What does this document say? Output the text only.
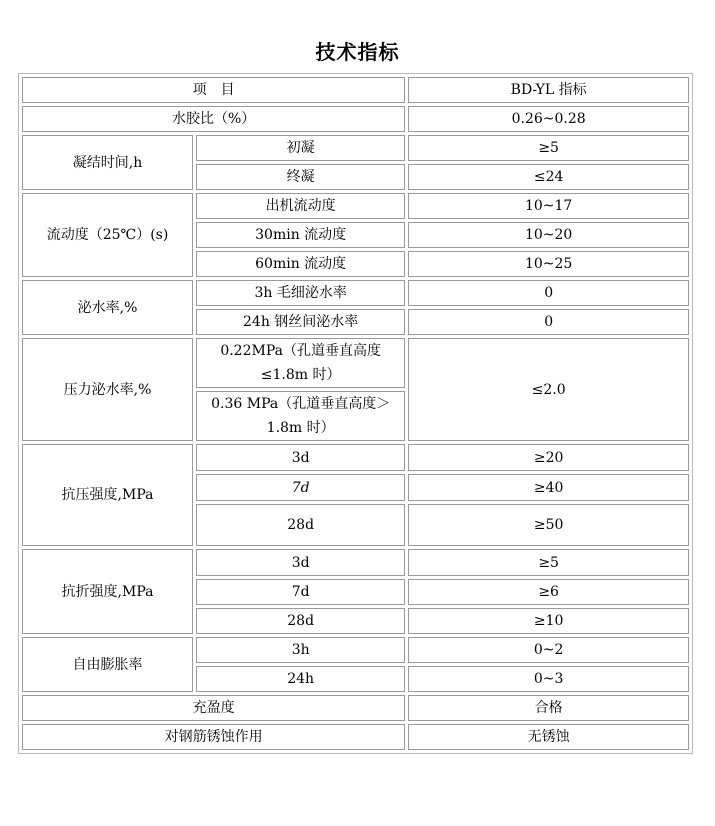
技术指标
项　目		BD-YL 指标
水胶比（%）		0.26~0.28
凝结时间,h	初凝	≥5
	终凝	≤24
流动度（25℃）(s)	出机流动度	10~17
	30min 流动度	10~20
	60min 流动度	10~25
泌水率,%	3h 毛细泌水率	0
	24h 钢丝间泌水率	0
压力泌水率,%	0.22MPa（孔道垂直高度≤1.8m 时）	≤2.0
	0.36 MPa（孔道垂直高度＞1.8m 时）	
抗压强度,MPa	3d	≥20
	7d	≥40
	28d	≥50
抗折强度,MPa	3d	≥5
	7d	≥6
	28d	≥10
自由膨胀率	3h	0~2
	24h	0~3
充盈度		合格
对钢筋锈蚀作用		无锈蚀
